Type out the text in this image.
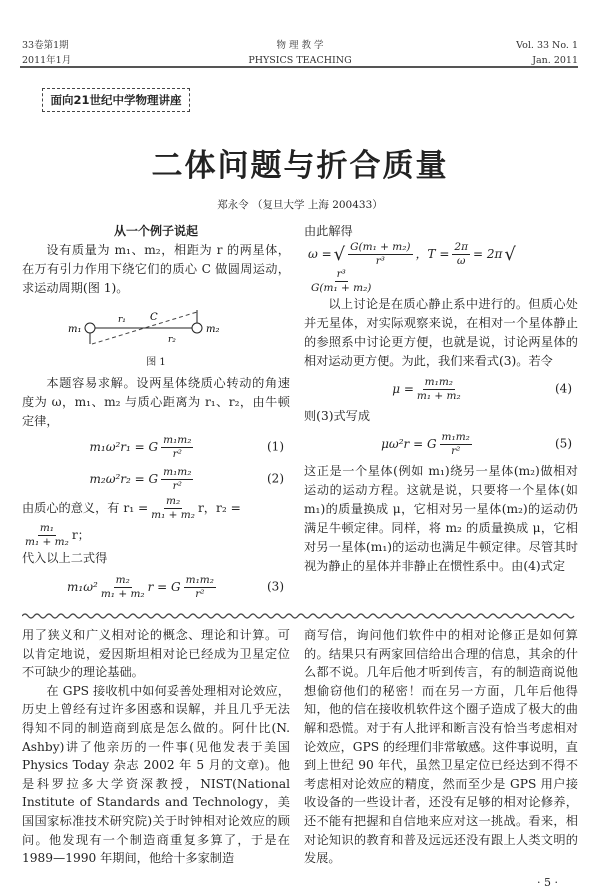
33卷第1期
2011年1月
物 理 教 学
PHYSICS TEACHING
Vol. 33 No. 1
Jan. 2011
面向21世纪中学物理讲座
二体问题与折合质量
郑永令 （复旦大学 上海 200433）
从一个例子说起

设有质量为 m₁、m₂，相距为 r 的两星体，在万有引力作用下绕它们的质心 C 做圆周运动，求运动周期(图 1)。

m₁
r₁ C
r₂
m₂
图 1

本题容易求解。设两星体绕质心转动的角速度为 ω，m₁、m₂ 与质心距离为 r₁、r₂，由牛顿定律，

m₁ω²r₁ = G $\frac{\text{m₁m₂}}{\text{r²}}$	(1)
m₂ω²r₂ = G $\frac{\text{m₁m₂}}{\text{r²}}$	(2)
由质心的意义，有 $r_1 = \frac{\text{m₂}}{\text{m₁ + m₂}}$ r，r₂ =
$\frac{\text{m₁}}{\text{m₁ + m₂}}$ r；

代入以上二式得

$m_1\omega^2 \frac{\text{m₂}}{\text{m₁ + m₂}}$ r = G $\frac{\text{m₁m₂}}{\text{r²}}$	(3)

由此解得

ω = √ $\frac{\text{G(m₁ + m₂)}}{\text{r³}}$ ，$T = \frac{2\pi}{\omega} = 2\pi$ √
$\frac{\text{r³}}{\text{G(m₁ + m₂)}}$

以上讨论是在质心静止系中进行的。但质心处并无星体，对实际观察来说，在相对一个星体静止的参照系中讨论更方便，也就是说，讨论两星体的相对运动更方便。为此，我们来看式(3)。若令

$\mu = \frac{\text{m₁m₂}}{\text{m₁ + m₂}}$	(4)

则(3)式写成

μω²r = G $\frac{\text{m₁m₂}}{\text{r²}}$	(5)

这正是一个星体(例如 m₁)绕另一星体(m₂)做相对运动的运动方程。这就是说，只要将一个星体(如 m₁)的质量换成 μ，它相对另一星体(m₂)的运动仍满足牛顿定律。同样，将 m₂ 的质量换成 μ，它相对另一星体(m₁)的运动也满足牛顿定律。尽管其时视为静止的星体并非静止在惯性系中。由(4)式定

用了狭义和广义相对论的概念、理论和计算。可以肯定地说，爱因斯坦相对论已经成为卫星定位不可缺少的理论基础。

在 GPS 接收机中如何妥善处理相对论效应，历史上曾经有过许多困惑和误解，并且几乎无法得知不同的制造商到底是怎么做的。阿什比(N. Ashby)讲了他亲历的一件事(见他发表于美国 Physics Today 杂志 2002 年 5 月的文章)。他是科罗拉多大学资深教授，NIST(National Institute of Standards and Technology，美国国家标准技术研究院)关于时钟相对论效应的顾问。他发现有一个制造商重复多算了，于是在 1989—1990 年期间，他给十多家制造

商写信，询问他们软件中的相对论修正是如何算的。结果只有两家回信给出合理的信息，其余的什么都不说。几年后他才听到传言，有的制造商说他想偷窃他们的秘密！而在另一方面，几年后他得知，他的信在接收机软件这个圈子造成了极大的曲解和恐慌。对于有人批评和断言没有恰当考虑相对论效应，GPS 的经理们非常敏感。这件事说明，直到上世纪 90 年代，虽然卫星定位已经达到不得不考虑相对论效应的精度，然而至少是 GPS 用户接收设备的一些设计者，还没有足够的相对论修养，还不能有把握和自信地来应对这一挑战。看来，相对论知识的教育和普及远远还没有跟上人类文明的发展。

· 5 ·
